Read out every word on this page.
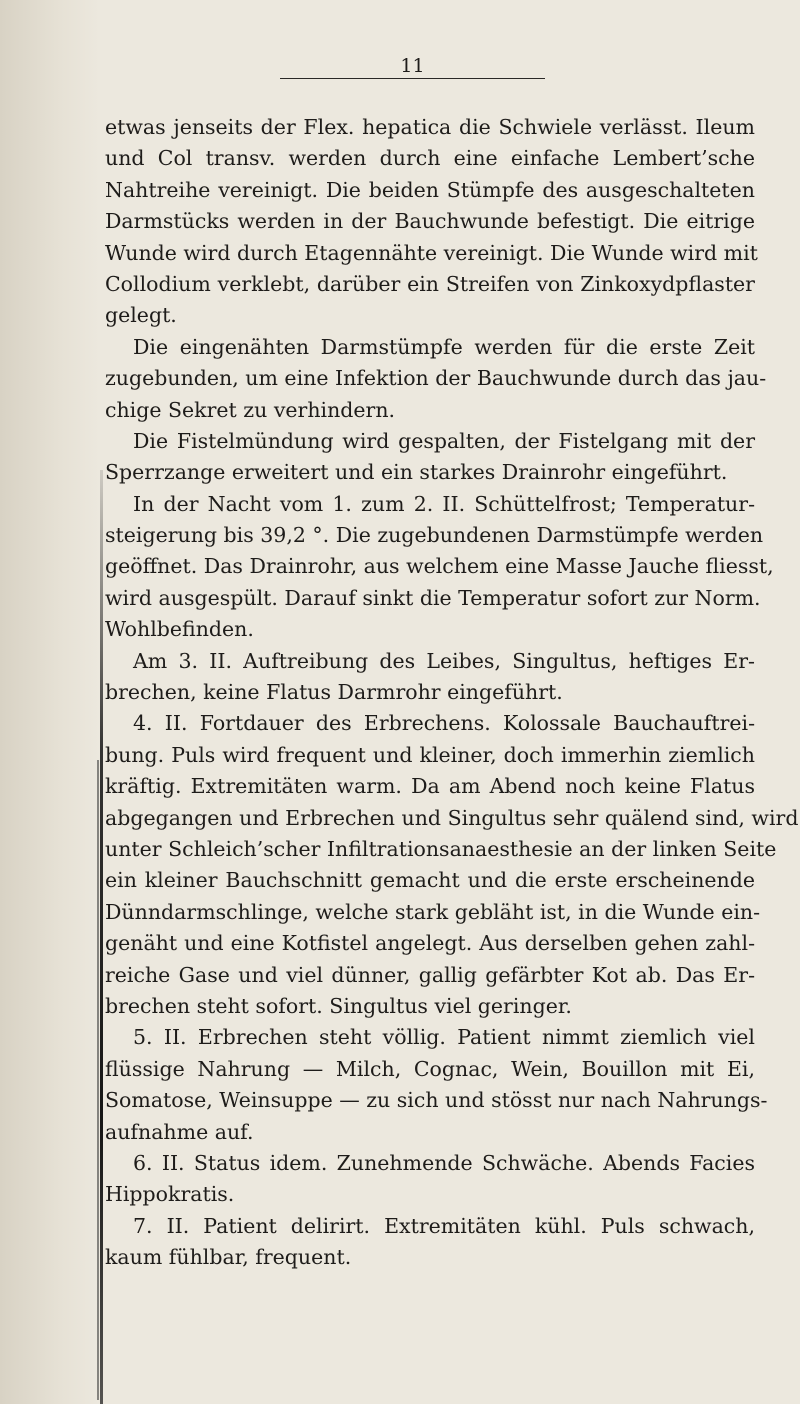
11
etwas jenseits der Flex. hepatica die Schwiele verlässt. Ileum
und Col transv. werden durch eine einfache Lembert’sche
Nahtreihe vereinigt. Die beiden Stümpfe des ausgeschalteten
Darmstücks werden in der Bauchwunde befestigt. Die eitrige
Wunde wird durch Etagennähte vereinigt. Die Wunde wird mit
Collodium verklebt, darüber ein Streifen von Zinkoxydpflaster
gelegt.
Die eingenähten Darmstümpfe werden für die erste Zeit
zugebunden, um eine Infektion der Bauchwunde durch das jau-
chige Sekret zu verhindern.
Die Fistelmündung wird gespalten, der Fistelgang mit der
Sperrzange erweitert und ein starkes Drainrohr eingeführt.
In der Nacht vom 1. zum 2. II. Schüttelfrost; Temperatur-
steigerung bis 39,2 °. Die zugebundenen Darmstümpfe werden
geöffnet. Das Drainrohr, aus welchem eine Masse Jauche fliesst,
wird ausgespült. Darauf sinkt die Temperatur sofort zur Norm.
Wohlbefinden.
Am 3. II. Auftreibung des Leibes, Singultus, heftiges Er-
brechen, keine Flatus Darmrohr eingeführt.
4. II. Fortdauer des Erbrechens. Kolossale Bauchauftrei-
bung. Puls wird frequent und kleiner, doch immerhin ziemlich
kräftig. Extremitäten warm. Da am Abend noch keine Flatus
abgegangen und Erbrechen und Singultus sehr quälend sind, wird
unter Schleich’scher Infiltrationsanaesthesie an der linken Seite
ein kleiner Bauchschnitt gemacht und die erste erscheinende
Dünndarmschlinge, welche stark gebläht ist, in die Wunde ein-
genäht und eine Kotfistel angelegt. Aus derselben gehen zahl-
reiche Gase und viel dünner, gallig gefärbter Kot ab. Das Er-
brechen steht sofort. Singultus viel geringer.
5. II. Erbrechen steht völlig. Patient nimmt ziemlich viel
flüssige Nahrung — Milch, Cognac, Wein, Bouillon mit Ei,
Somatose, Weinsuppe — zu sich und stösst nur nach Nahrungs-
aufnahme auf.
6. II. Status idem. Zunehmende Schwäche. Abends Facies
Hippokratis.
7. II. Patient delirirt. Extremitäten kühl. Puls schwach,
kaum fühlbar, frequent.
